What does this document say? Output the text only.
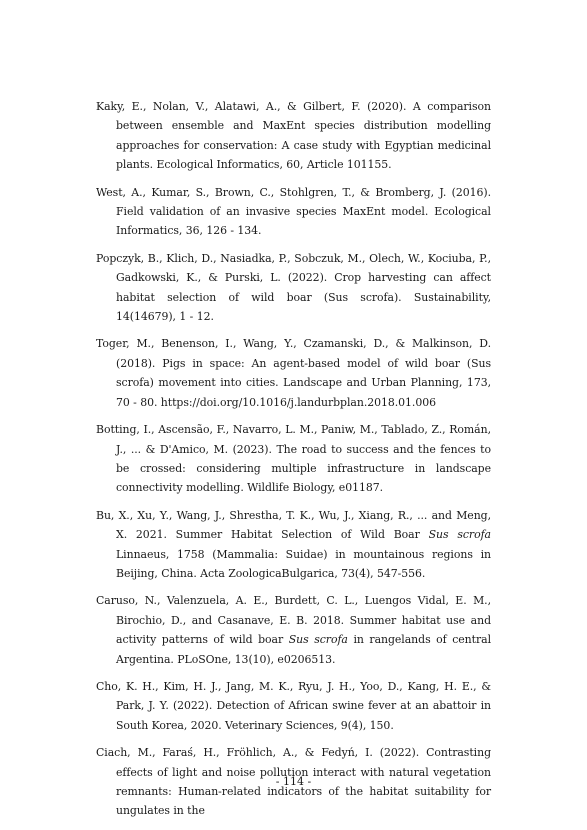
Kaky, E., Nolan, V., Alatawi, A., & Gilbert, F. (2020). A comparison between ensemble and MaxEnt species distribution modelling approaches for conservation: A case study with Egyptian medicinal plants. Ecological Informatics, 60, Article 101155.

West, A., Kumar, S., Brown, C., Stohlgren, T., & Bromberg, J. (2016). Field validation of an invasive species MaxEnt model. Ecological Informatics, 36, 126 - 134.

Popczyk, B., Klich, D., Nasiadka, P., Sobczuk, M., Olech, W., Kociuba, P., Gadkowski, K., & Purski, L. (2022). Crop harvesting can affect habitat selection of wild boar (Sus scrofa). Sustainability, 14(14679), 1 - 12.

Toger, M., Benenson, I., Wang, Y., Czamanski, D., & Malkinson, D. (2018). Pigs in space: An agent-based model of wild boar (Sus scrofa) movement into cities. Landscape and Urban Planning, 173, 70 - 80. https://doi.org/10.1016/j.landurbplan.2018.01.006

Botting, I., Ascensão, F., Navarro, L. M., Paniw, M., Tablado, Z., Román, J., ... & D'Amico, M. (2023). The road to success and the fences to be crossed: considering multiple infrastructure in landscape connectivity modelling. Wildlife Biology, e01187.

Bu, X., Xu, Y., Wang, J., Shrestha, T. K., Wu, J., Xiang, R., ... and Meng, X. 2021. Summer Habitat Selection of Wild Boar Sus scrofa Linnaeus, 1758 (Mammalia: Suidae) in mountainous regions in Beijing, China. Acta ZoologicaBulgarica, 73(4), 547-556.

Caruso, N., Valenzuela, A. E., Burdett, C. L., Luengos Vidal, E. M., Birochio, D., and Casanave, E. B. 2018. Summer habitat use and activity patterns of wild boar Sus scrofa in rangelands of central Argentina. PLoSOne, 13(10), e0206513.

Cho, K. H., Kim, H. J., Jang, M. K., Ryu, J. H., Yoo, D., Kang, H. E., & Park, J. Y. (2022). Detection of African swine fever at an abattoir in South Korea, 2020. Veterinary Sciences, 9(4), 150.

Ciach, M., Faraś, H., Fröhlich, A., & Fedyń, I. (2022). Contrasting effects of light and noise pollution interact with natural vegetation remnants: Human-related indicators of the habitat suitability for ungulates in the

- 114 -
